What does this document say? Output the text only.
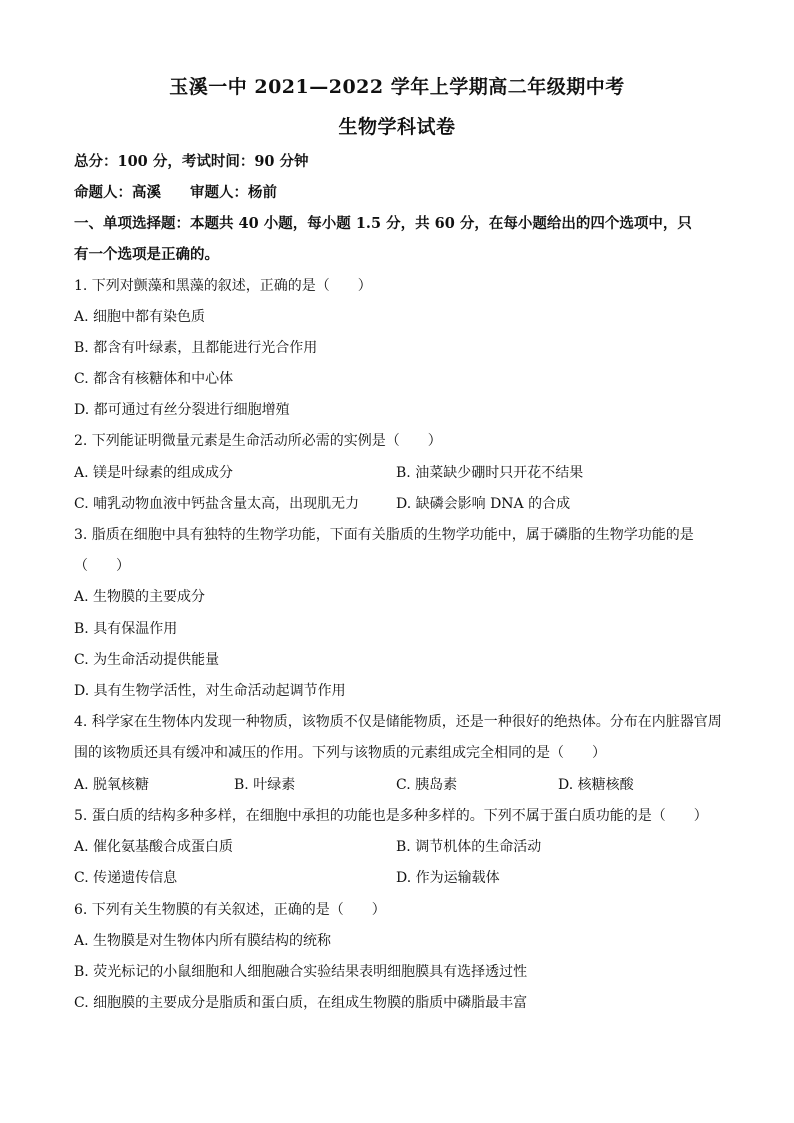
玉溪一中 2021—2022 学年上学期高二年级期中考
生物学科试卷
总分：100 分，考试时间：90 分钟
命题人：高溪　　审题人：杨前
一、单项选择题：本题共 40 小题，每小题 1.5 分，共 60 分，在每小题给出的四个选项中，只
有一个选项是正确的。
1. 下列对颤藻和黑藻的叙述，正确的是（　　）
A. 细胞中都有染色质
B. 都含有叶绿素，且都能进行光合作用
C. 都含有核糖体和中心体
D. 都可通过有丝分裂进行细胞增殖
2. 下列能证明微量元素是生命活动所必需的实例是（　　）
A. 镁是叶绿素的组成成分	B. 油菜缺少硼时只开花不结果
C. 哺乳动物血液中钙盐含量太高，出现肌无力	D. 缺磷会影响 DNA 的合成
3. 脂质在细胞中具有独特的生物学功能，下面有关脂质的生物学功能中，属于磷脂的生物学功能的是
（　　）
A. 生物膜的主要成分
B. 具有保温作用
C. 为生命活动提供能量
D. 具有生物学活性，对生命活动起调节作用
4. 科学家在生物体内发现一种物质，该物质不仅是储能物质，还是一种很好的绝热体。分布在内脏器官周
围的该物质还具有缓冲和减压的作用。下列与该物质的元素组成完全相同的是（　　）
A. 脱氧核糖	B. 叶绿素	C. 胰岛素	D. 核糖核酸
5. 蛋白质的结构多种多样，在细胞中承担的功能也是多种多样的。下列不属于蛋白质功能的是（　　）
A. 催化氨基酸合成蛋白质	B. 调节机体的生命活动
C. 传递遗传信息	D. 作为运输载体
6. 下列有关生物膜的有关叙述，正确的是（　　）
A. 生物膜是对生物体内所有膜结构的统称
B. 荧光标记的小鼠细胞和人细胞融合实验结果表明细胞膜具有选择透过性
C. 细胞膜的主要成分是脂质和蛋白质，在组成生物膜的脂质中磷脂最丰富
